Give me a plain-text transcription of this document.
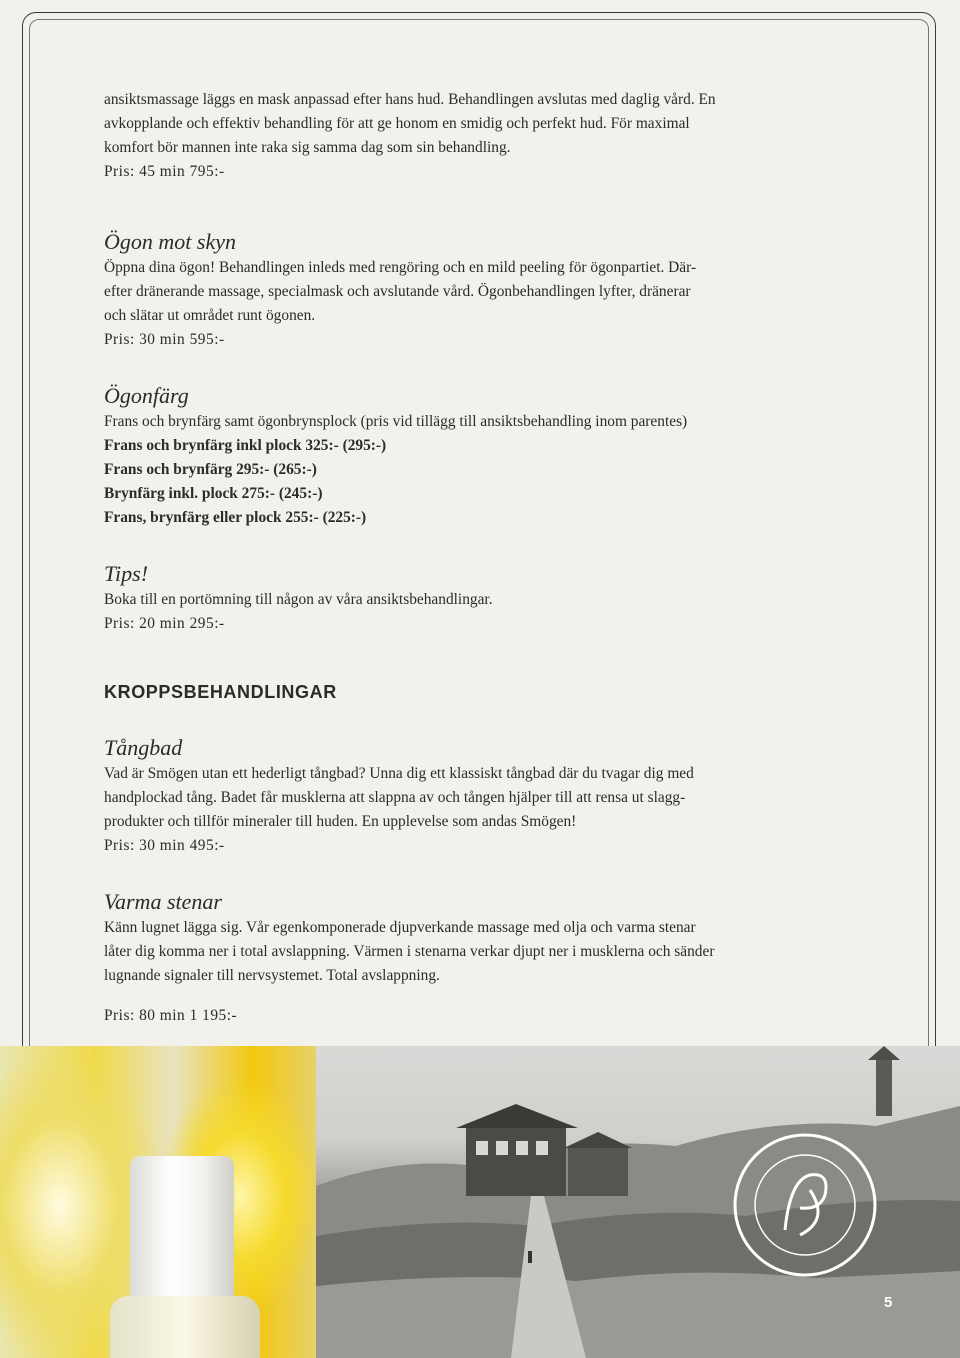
ansiktsmassage läggs en mask anpassad efter hans hud. Behandlingen avslutas med daglig vård. En

avkopplande och effektiv behandling för att ge honom en smidig och perfekt hud. För maximal

komfort bör mannen inte raka sig samma dag som sin behandling.

Pris: 45 min 795:-

Ögon mot skyn

Öppna dina ögon! Behandlingen inleds med rengöring och en mild peeling för ögonpartiet. Där-

efter dränerande massage, specialmask och avslutande vård. Ögonbehandlingen lyfter, dränerar

och slätar ut området runt ögonen.

Pris: 30 min 595:-

Ögonfärg

Frans och brynfärg samt ögonbrynsplock (pris vid tillägg till ansiktsbehandling inom parentes)

Frans och brynfärg inkl plock 325:- (295:-)

Frans och brynfärg 295:- (265:-)

Brynfärg inkl. plock 275:- (245:-)

Frans, brynfärg eller plock 255:- (225:-)

Tips!

Boka till en portömning till någon av våra ansiktsbehandlingar.

Pris: 20 min 295:-

KROPPSBEHANDLINGAR
Tångbad

Vad är Smögen utan ett hederligt tångbad? Unna dig ett klassiskt tångbad där du tvagar dig med

handplockad tång. Badet får musklerna att slappna av och tången hjälper till att rensa ut slagg-

produkter och tillför mineraler till huden. En upplevelse som andas Smögen!

Pris: 30 min 495:-

Varma stenar

Känn lugnet lägga sig. Vår egenkomponerade djupverkande massage med olja och varma stenar

låter dig komma ner i total avslappning. Värmen i stenarna verkar djupt ner i musklerna och sänder

lugnande signaler till nervsystemet. Total avslappning.

Pris: 80 min 1 195:-

5
